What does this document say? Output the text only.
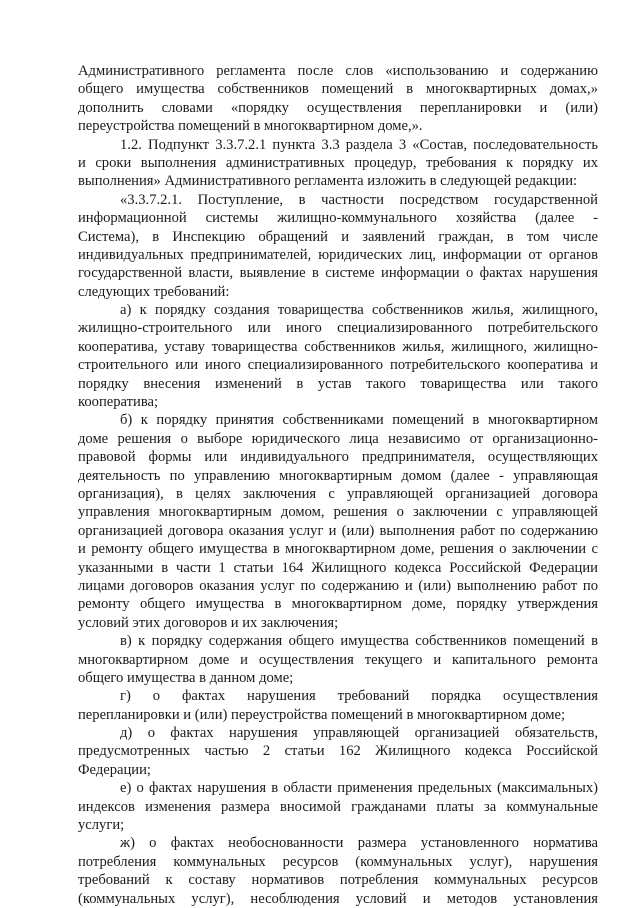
Административного регламента после слов «использованию и содержанию
общего имущества собственников помещений в многоквартирных домах,»
дополнить словами «порядку осуществления перепланировки и (или)
переустройства помещений в многоквартирном доме,».
1.2. Подпункт 3.3.7.2.1 пункта 3.3 раздела 3 «Состав, последовательность
и сроки выполнения административных процедур, требования к порядку их
выполнения» Административного регламента изложить в следующей редакции:
«3.3.7.2.1. Поступление, в частности посредством государственной
информационной системы жилищно-коммунального хозяйства (далее -
Система), в Инспекцию обращений и заявлений граждан, в том числе
индивидуальных предпринимателей, юридических лиц, информации от органов
государственной власти, выявление в системе информации о фактах нарушения
следующих требований:
а) к порядку создания товарищества собственников жилья, жилищного,
жилищно-строительного или иного специализированного потребительского
кооператива, уставу товарищества собственников жилья, жилищного, жилищно-
строительного или иного специализированного потребительского кооператива и
порядку внесения изменений в устав такого товарищества или такого
кооператива;
б) к порядку принятия собственниками помещений в многоквартирном
доме решения о выборе юридического лица независимо от организационно-
правовой формы или индивидуального предпринимателя, осуществляющих
деятельность по управлению многоквартирным домом (далее - управляющая
организация), в целях заключения с управляющей организацией договора
управления многоквартирным домом, решения о заключении с управляющей
организацией договора оказания услуг и (или) выполнения работ по содержанию
и ремонту общего имущества в многоквартирном доме, решения о заключении с
указанными в части 1 статьи 164 Жилищного кодекса Российской Федерации
лицами договоров оказания услуг по содержанию и (или) выполнению работ по
ремонту общего имущества в многоквартирном доме, порядку утверждения
условий этих договоров и их заключения;
в) к порядку содержания общего имущества собственников помещений в
многоквартирном доме и осуществления текущего и капитального ремонта
общего имущества в данном доме;
г) о фактах нарушения требований порядка осуществления
перепланировки и (или) переустройства помещений в многоквартирном доме;
д) о фактах нарушения управляющей организацией обязательств,
предусмотренных частью 2 статьи 162 Жилищного кодекса Российской
Федерации;
е) о фактах нарушения в области применения предельных (максимальных)
индексов изменения размера вносимой гражданами платы за коммунальные
услуги;
ж) о фактах необоснованности размера установленного норматива
потребления коммунальных ресурсов (коммунальных услуг), нарушения
требований к составу нормативов потребления коммунальных ресурсов
(коммунальных услуг), несоблюдения условий и методов установления
